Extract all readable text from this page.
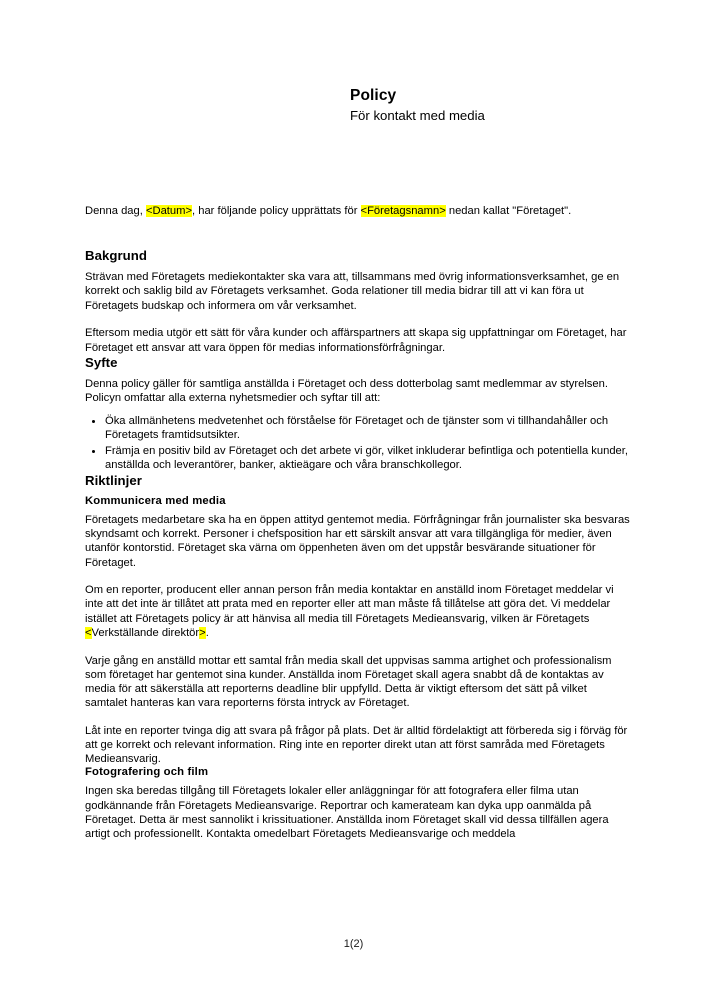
Policy
För kontakt med media

Denna dag, <Datum>, har följande policy upprättats för <Företagsnamn> nedan kallat "Företaget".

Bakgrund

Strävan med Företagets mediekontakter ska vara att, tillsammans med övrig informationsverksamhet, ge en korrekt och saklig bild av Företagets verksamhet. Goda relationer till media bidrar till att vi kan föra ut Företagets budskap och informera om vår verksamhet.

Eftersom media utgör ett sätt för våra kunder och affärspartners att skapa sig uppfattningar om Företaget, har Företaget ett ansvar att vara öppen för medias informationsförfrågningar.

Syfte

Denna policy gäller för samtliga anställda i Företaget och dess dotterbolag samt medlemmar av styrelsen. Policyn omfattar alla externa nyhetsmedier och syftar till att:

Öka allmänhetens medvetenhet och förståelse för Företaget och de tjänster som vi tillhandahåller och Företagets framtidsutsikter.
Främja en positiv bild av Företaget och det arbete vi gör, vilket inkluderar befintliga och potentiella kunder, anställda och leverantörer, banker, aktieägare och våra branschkollegor.
Riktlinjer
Kommunicera med media

Företagets medarbetare ska ha en öppen attityd gentemot media. Förfrågningar från journalister ska besvaras skyndsamt och korrekt. Personer i chefsposition har ett särskilt ansvar att vara tillgängliga för medier, även utanför kontorstid. Företaget ska värna om öppenheten även om det uppstår besvärande situationer för Företaget.

Om en reporter, producent eller annan person från media kontaktar en anställd inom Företaget meddelar vi inte att det inte är tillåtet att prata med en reporter eller att man måste få tillåtelse att göra det. Vi meddelar istället att Företagets policy är att hänvisa all media till Företagets Medieansvarig, vilken är Företagets <Verkställande direktör>.

Varje gång en anställd mottar ett samtal från media skall det uppvisas samma artighet och professionalism som företaget har gentemot sina kunder. Anställda inom Företaget skall agera snabbt då de kontaktas av media för att säkerställa att reporterns deadline blir uppfylld. Detta är viktigt eftersom det sätt på vilket samtalet hanteras kan vara reporterns första intryck av Företaget.

Låt inte en reporter tvinga dig att svara på frågor på plats. Det är alltid fördelaktigt att förbereda sig i förväg för att ge korrekt och relevant information. Ring inte en reporter direkt utan att först samråda med Företagets Medieansvarig.

Fotografering och film

Ingen ska beredas tillgång till Företagets lokaler eller anläggningar för att fotografera eller filma utan godkännande från Företagets Medieansvarige. Reportrar och kamerateam kan dyka upp oanmälda på Företaget. Detta är mest sannolikt i krissituationer. Anställda inom Företaget skall vid dessa tillfällen agera artigt och professionellt. Kontakta omedelbart Företagets Medieansvarige och meddela

1(2)
